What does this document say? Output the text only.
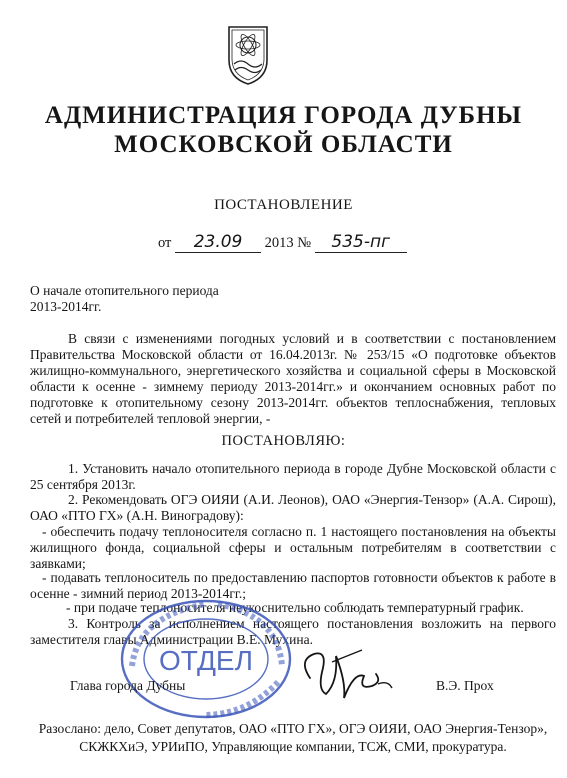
АДМИНИСТРАЦИЯ ГОРОДА ДУБНЫ
МОСКОВСКОЙ ОБЛАСТИ
ПОСТАНОВЛЕНИЕ
от 23.09 2013 № 535-пг
О начале отопительного периода
2013-2014гг.
В связи с изменениями погодных условий и в соответствии с постановлением Правительства Московской области от 16.04.2013г. № 253/15 «О подготовке объектов жилищно-коммунального, энергетического хозяйства и социальной сферы в Московской области к осенне - зимнему периоду 2013-2014гг.» и окончанием основных работ по подготовке к отопительному сезону 2013-2014гг. объектов теплоснабжения, тепловых сетей и потребителей тепловой энергии, -
ПОСТАНОВЛЯЮ:
1. Установить начало отопительного периода в городе Дубне Московской области с 25 сентября 2013г.
2. Рекомендовать ОГЭ ОИЯИ (А.И. Леонов), ОАО «Энергия-Тензор» (А.А. Сирош), ОАО «ПТО ГХ» (А.Н. Виноградову):
- обеспечить подачу теплоносителя согласно п. 1 настоящего постановления на объекты жилищного фонда, социальной сферы и остальным потребителям в соответствии с заявками;
- подавать теплоноситель по предоставлению паспортов готовности объектов к работе в осенне - зимний период 2013-2014гг.;
- при подаче теплоносителя неукоснительно соблюдать температурный график.
3. Контроль за исполнением настоящего постановления возложить на первого заместителя главы Администрации В.Е. Мухина.
ОТДЕЛ
Глава города Дубны	В.Э. Прох
Разослано: дело, Совет депутатов, ОАО «ПТО ГХ», ОГЭ ОИЯИ, ОАО Энергия-Тензор», СКЖКХиЭ, УРИиПО, Управляющие компании, ТСЖ, СМИ, прокуратура.
